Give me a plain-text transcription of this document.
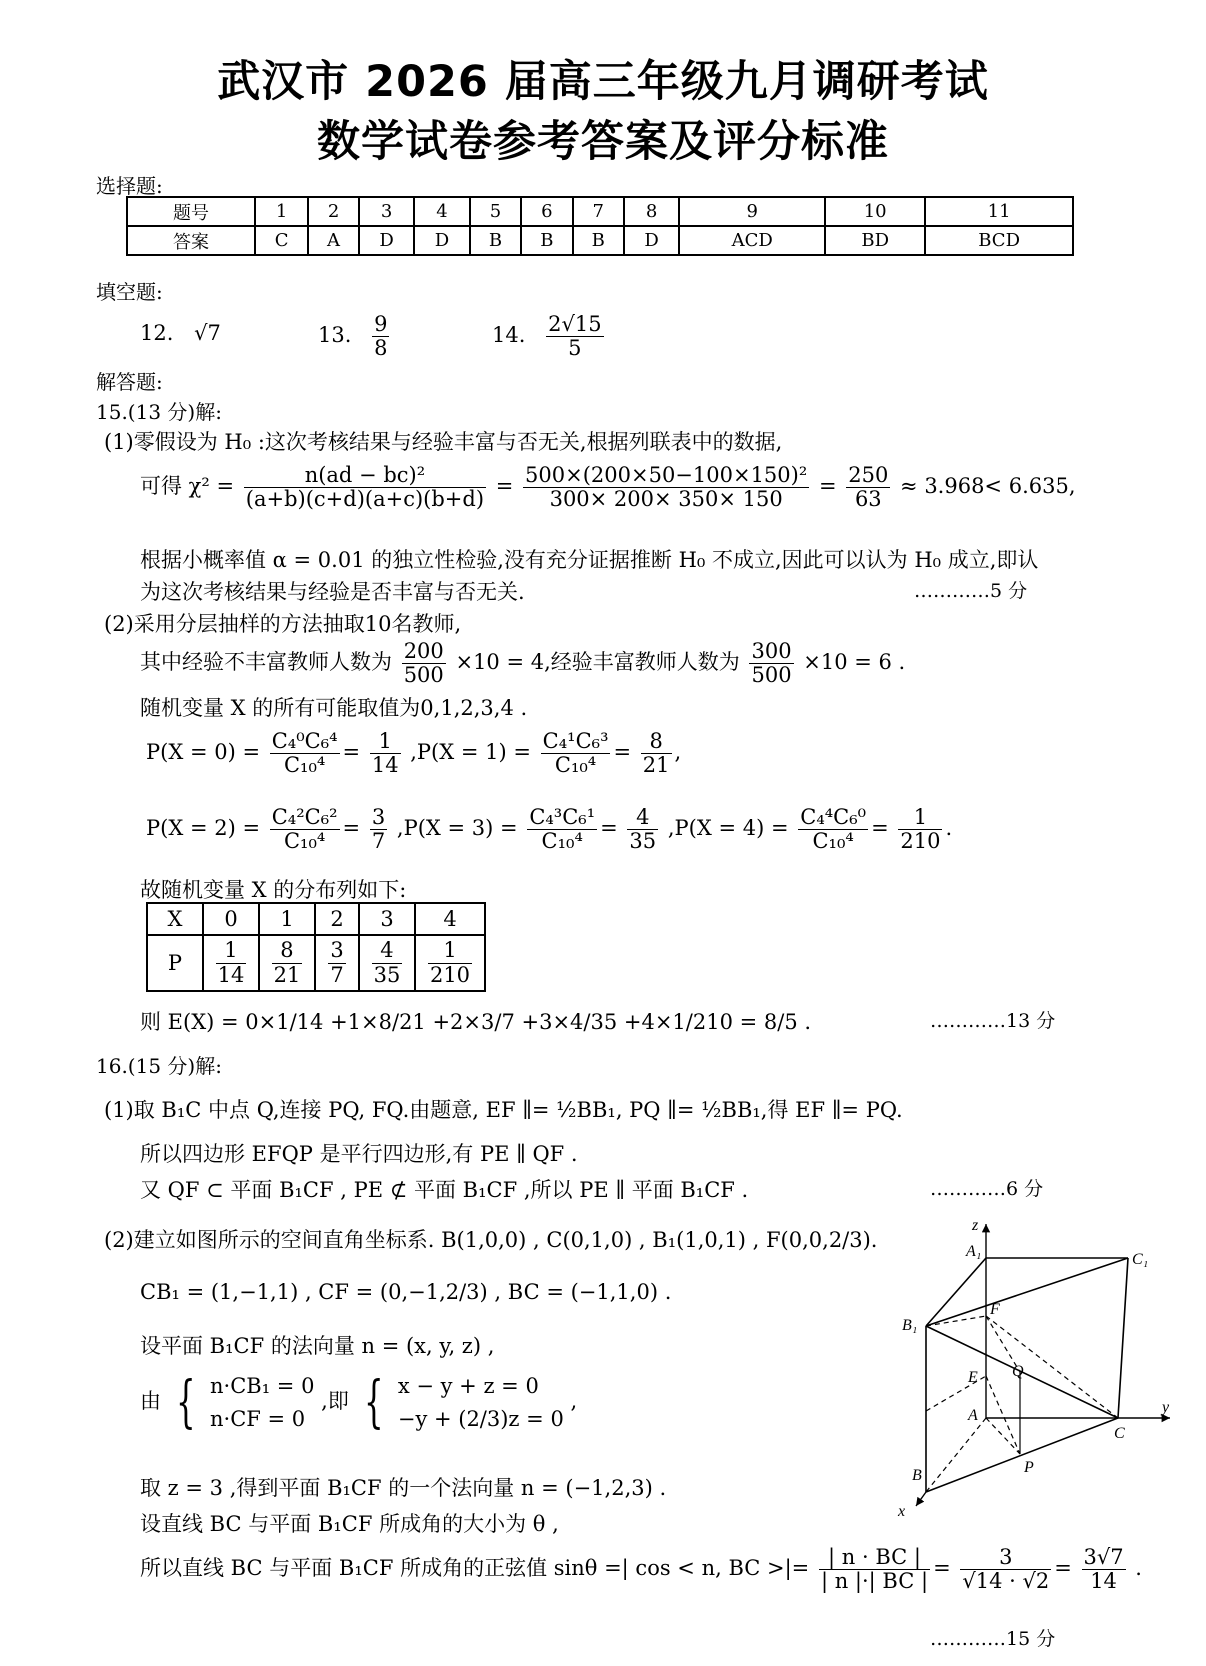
武汉市 2026 届高三年级九月调研考试
数学试卷参考答案及评分标准
选择题:
题号	1	2	3	4	5	6	7	8	9	10	11
答案	C	A	D	D	B	B	B	D	ACD	BD	BCD
填空题:
12. √7	13. $\frac{9}{8}$	14. $\frac{2√15}{5}$
解答题:
15.(13 分)解:
(1)零假设为 H₀ :这次考核结果与经验丰富与否无关,根据列联表中的数据,
可得 $\chi^2 = \frac{\text{n(ad − bc)²}}{(a+b)(c+d)(a+c)(b+d)} = \frac{\text{500×(200×50−100×150)²}}{300\times 200\times 350\times 150} = \frac{250}{63} \approx 3.968< 6.635$,
根据小概率值 α = 0.01 的独立性检验,没有充分证据推断 H₀ 不成立,因此可以认为 H₀ 成立,即认
为这次考核结果与经验是否丰富与否无关.	…………5 分
(2)采用分层抽样的方法抽取10名教师,
其中经验不丰富教师人数为 $\frac{200}{500} \times 10 = 4$,经验丰富教师人数为 $\frac{300}{500} \times 10 = 6$ .
随机变量 X 的所有可能取值为0,1,2,3,4 .
$P(X = 0) = \frac{\text{C₄⁰C₆⁴}}{\text{C₁₀⁴}} = \frac{1}{14} ,P(X = 1) = \frac{\text{C₄¹C₆³}}{\text{C₁₀⁴}} = \frac{8}{21}$ ,
$P(X = 2) = \frac{\text{C₄²C₆²}}{\text{C₁₀⁴}} = \frac{3}{7} ,P(X = 3) = \frac{\text{C₄³C₆¹}}{\text{C₁₀⁴}} = \frac{4}{35} ,P(X = 4) = \frac{\text{C₄⁴C₆⁰}}{\text{C₁₀⁴}} = \frac{1}{210}$ .
故随机变量 X 的分布列如下:
X	0	1	2	3	4
P	$\frac{1}{14}$	$\frac{8}{21}$	$\frac{3}{7}$	$\frac{4}{35}$	$\frac{1}{210}$
则 E(X) = 0×1/14 +1×8/21 +2×3/7 +3×4/35 +4×1/210 = 8/5 .	…………13 分
16.(15 分)解:
(1)取 B₁C 中点 Q,连接 PQ, FQ.由题意, EF ∥= ½BB₁, PQ ∥= ½BB₁,得 EF ∥= PQ.
所以四边形 EFQP 是平行四边形,有 PE ∥ QF .
又 QF ⊂ 平面 B₁CF , PE ⊄ 平面 B₁CF ,所以 PE ∥ 平面 B₁CF .	…………6 分
(2)建立如图所示的空间直角坐标系. B(1,0,0) , C(0,1,0) , B₁(1,0,1) , F(0,0,2/3).
CB₁ = (1,−1,1) , CF = (0,−1,2/3) , BC = (−1,1,0) .
设平面 B₁CF 的法向量 n = (x, y, z) ,
由 { n·CB₁ = 0
n·CF = 0
,即 { x − y + z = 0
−y + (2/3)z = 0
,
取 z = 3 ,得到平面 B₁CF 的一个法向量 n = (−1,2,3) .
设直线 BC 与平面 B₁CF 所成角的大小为 θ ,
所以直线 BC 与平面 B₁CF 所成角的正弦值 sinθ =| cos < n, BC >|= $\frac{| n \cdot BC |}{| n |\cdot| BC |} = \frac{3}{√14 \cdot √2} = \frac{3√7}{14}$ .
…………15 分
z
y
x
A₁	C₁
B₁
F
E Q
A
C
P
B
